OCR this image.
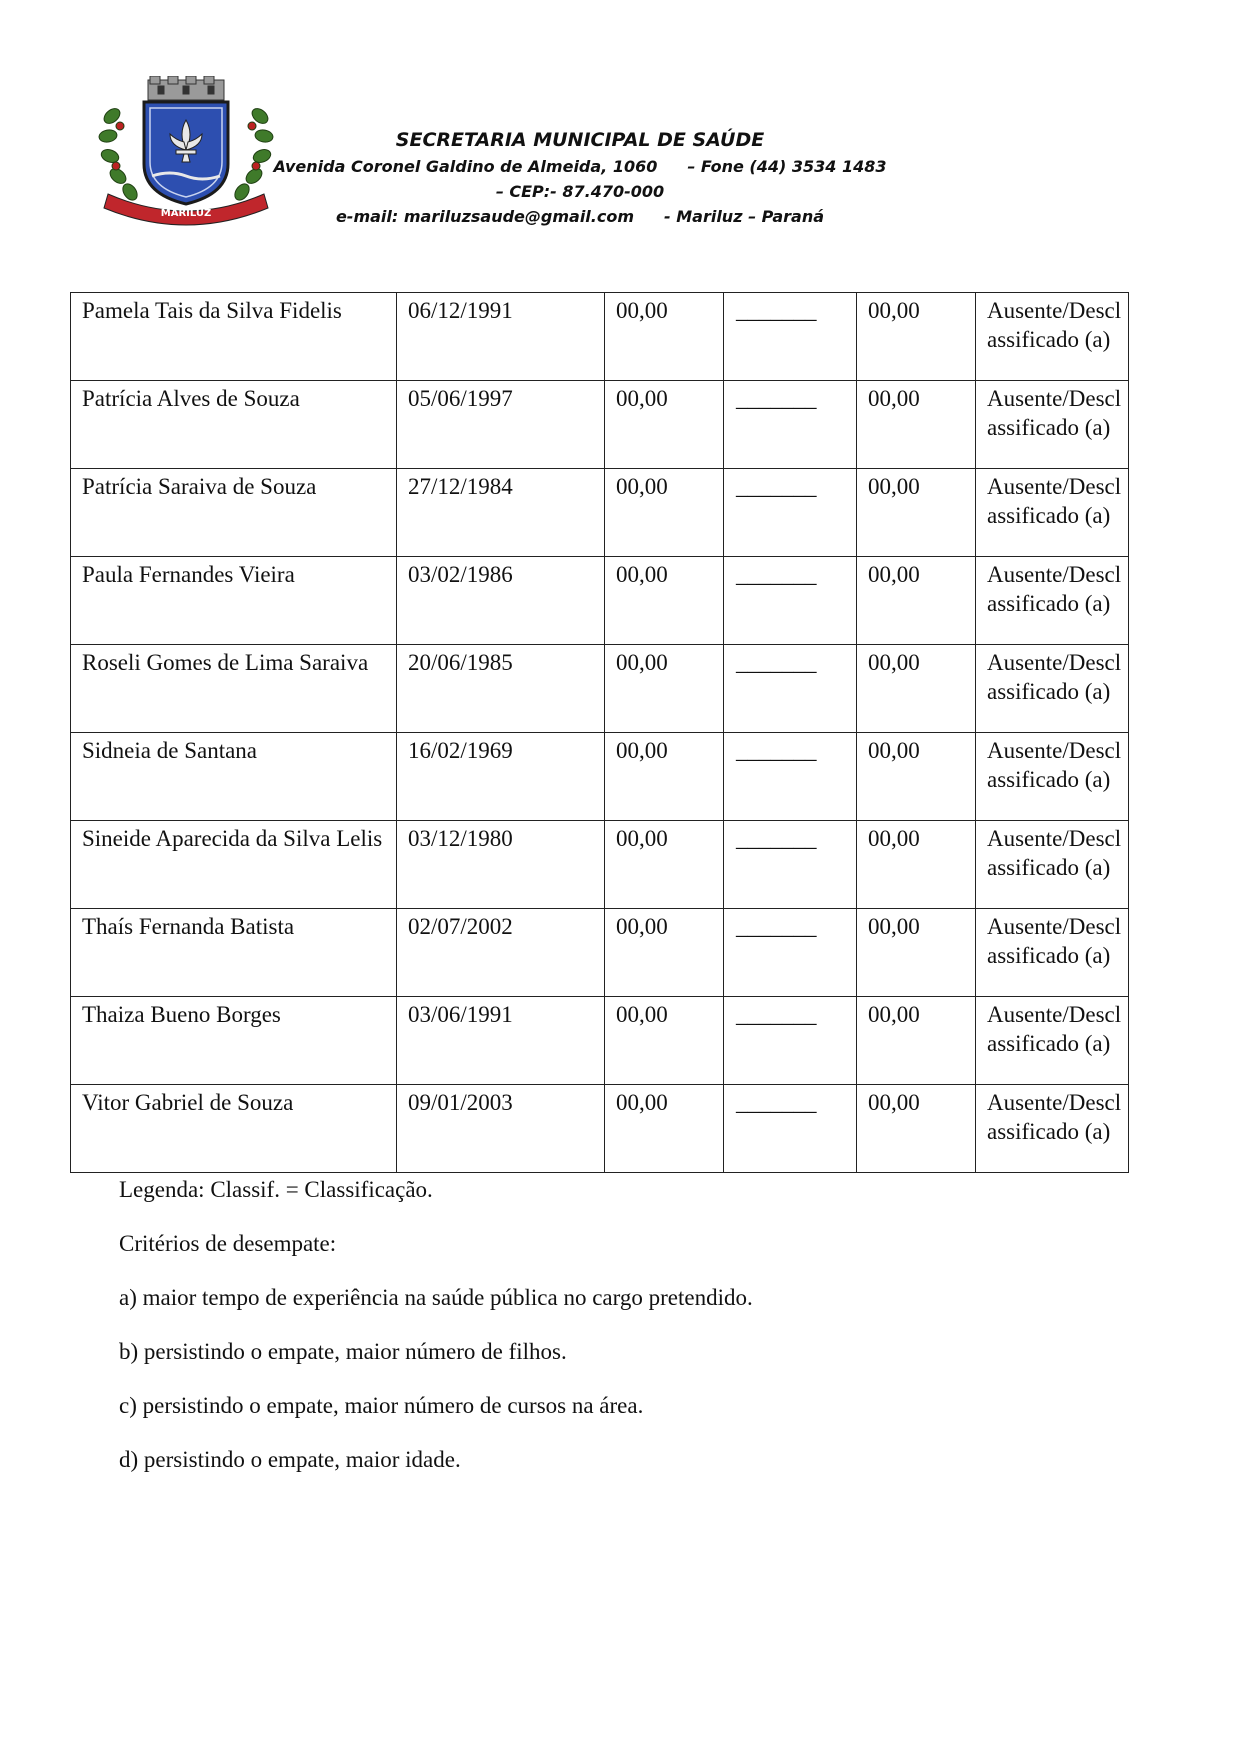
MARILUZ
SECRETARIA MUNICIPAL DE SAÚDE
Avenida Coronel Galdino de Almeida, 1060 – Fone (44) 3534 1483
– CEP:- 87.470-000
e-mail: mariluzsaude@gmail.com - Mariluz – Paraná
Pamela Tais da Silva Fidelis	06/12/1991	00,00	_______	00,00	Ausente/Desclassificado (a)
Patrícia Alves de Souza	05/06/1997	00,00	_______	00,00	Ausente/Desclassificado (a)
Patrícia Saraiva de Souza	27/12/1984	00,00	_______	00,00	Ausente/Desclassificado (a)
Paula Fernandes Vieira	03/02/1986	00,00	_______	00,00	Ausente/Desclassificado (a)
Roseli Gomes de Lima Saraiva	20/06/1985	00,00	_______	00,00	Ausente/Desclassificado (a)
Sidneia de Santana	16/02/1969	00,00	_______	00,00	Ausente/Desclassificado (a)
Sineide Aparecida da Silva Lelis	03/12/1980	00,00	_______	00,00	Ausente/Desclassificado (a)
Thaís Fernanda Batista	02/07/2002	00,00	_______	00,00	Ausente/Desclassificado (a)
Thaiza Bueno Borges	03/06/1991	00,00	_______	00,00	Ausente/Desclassificado (a)
Vitor Gabriel de Souza	09/01/2003	00,00	_______	00,00	Ausente/Desclassificado (a)

Legenda: Classif. = Classificação.

Critérios de desempate:

a) maior tempo de experiência na saúde pública no cargo pretendido.

b) persistindo o empate, maior número de filhos.

c) persistindo o empate, maior número de cursos na área.

d) persistindo o empate, maior idade.
